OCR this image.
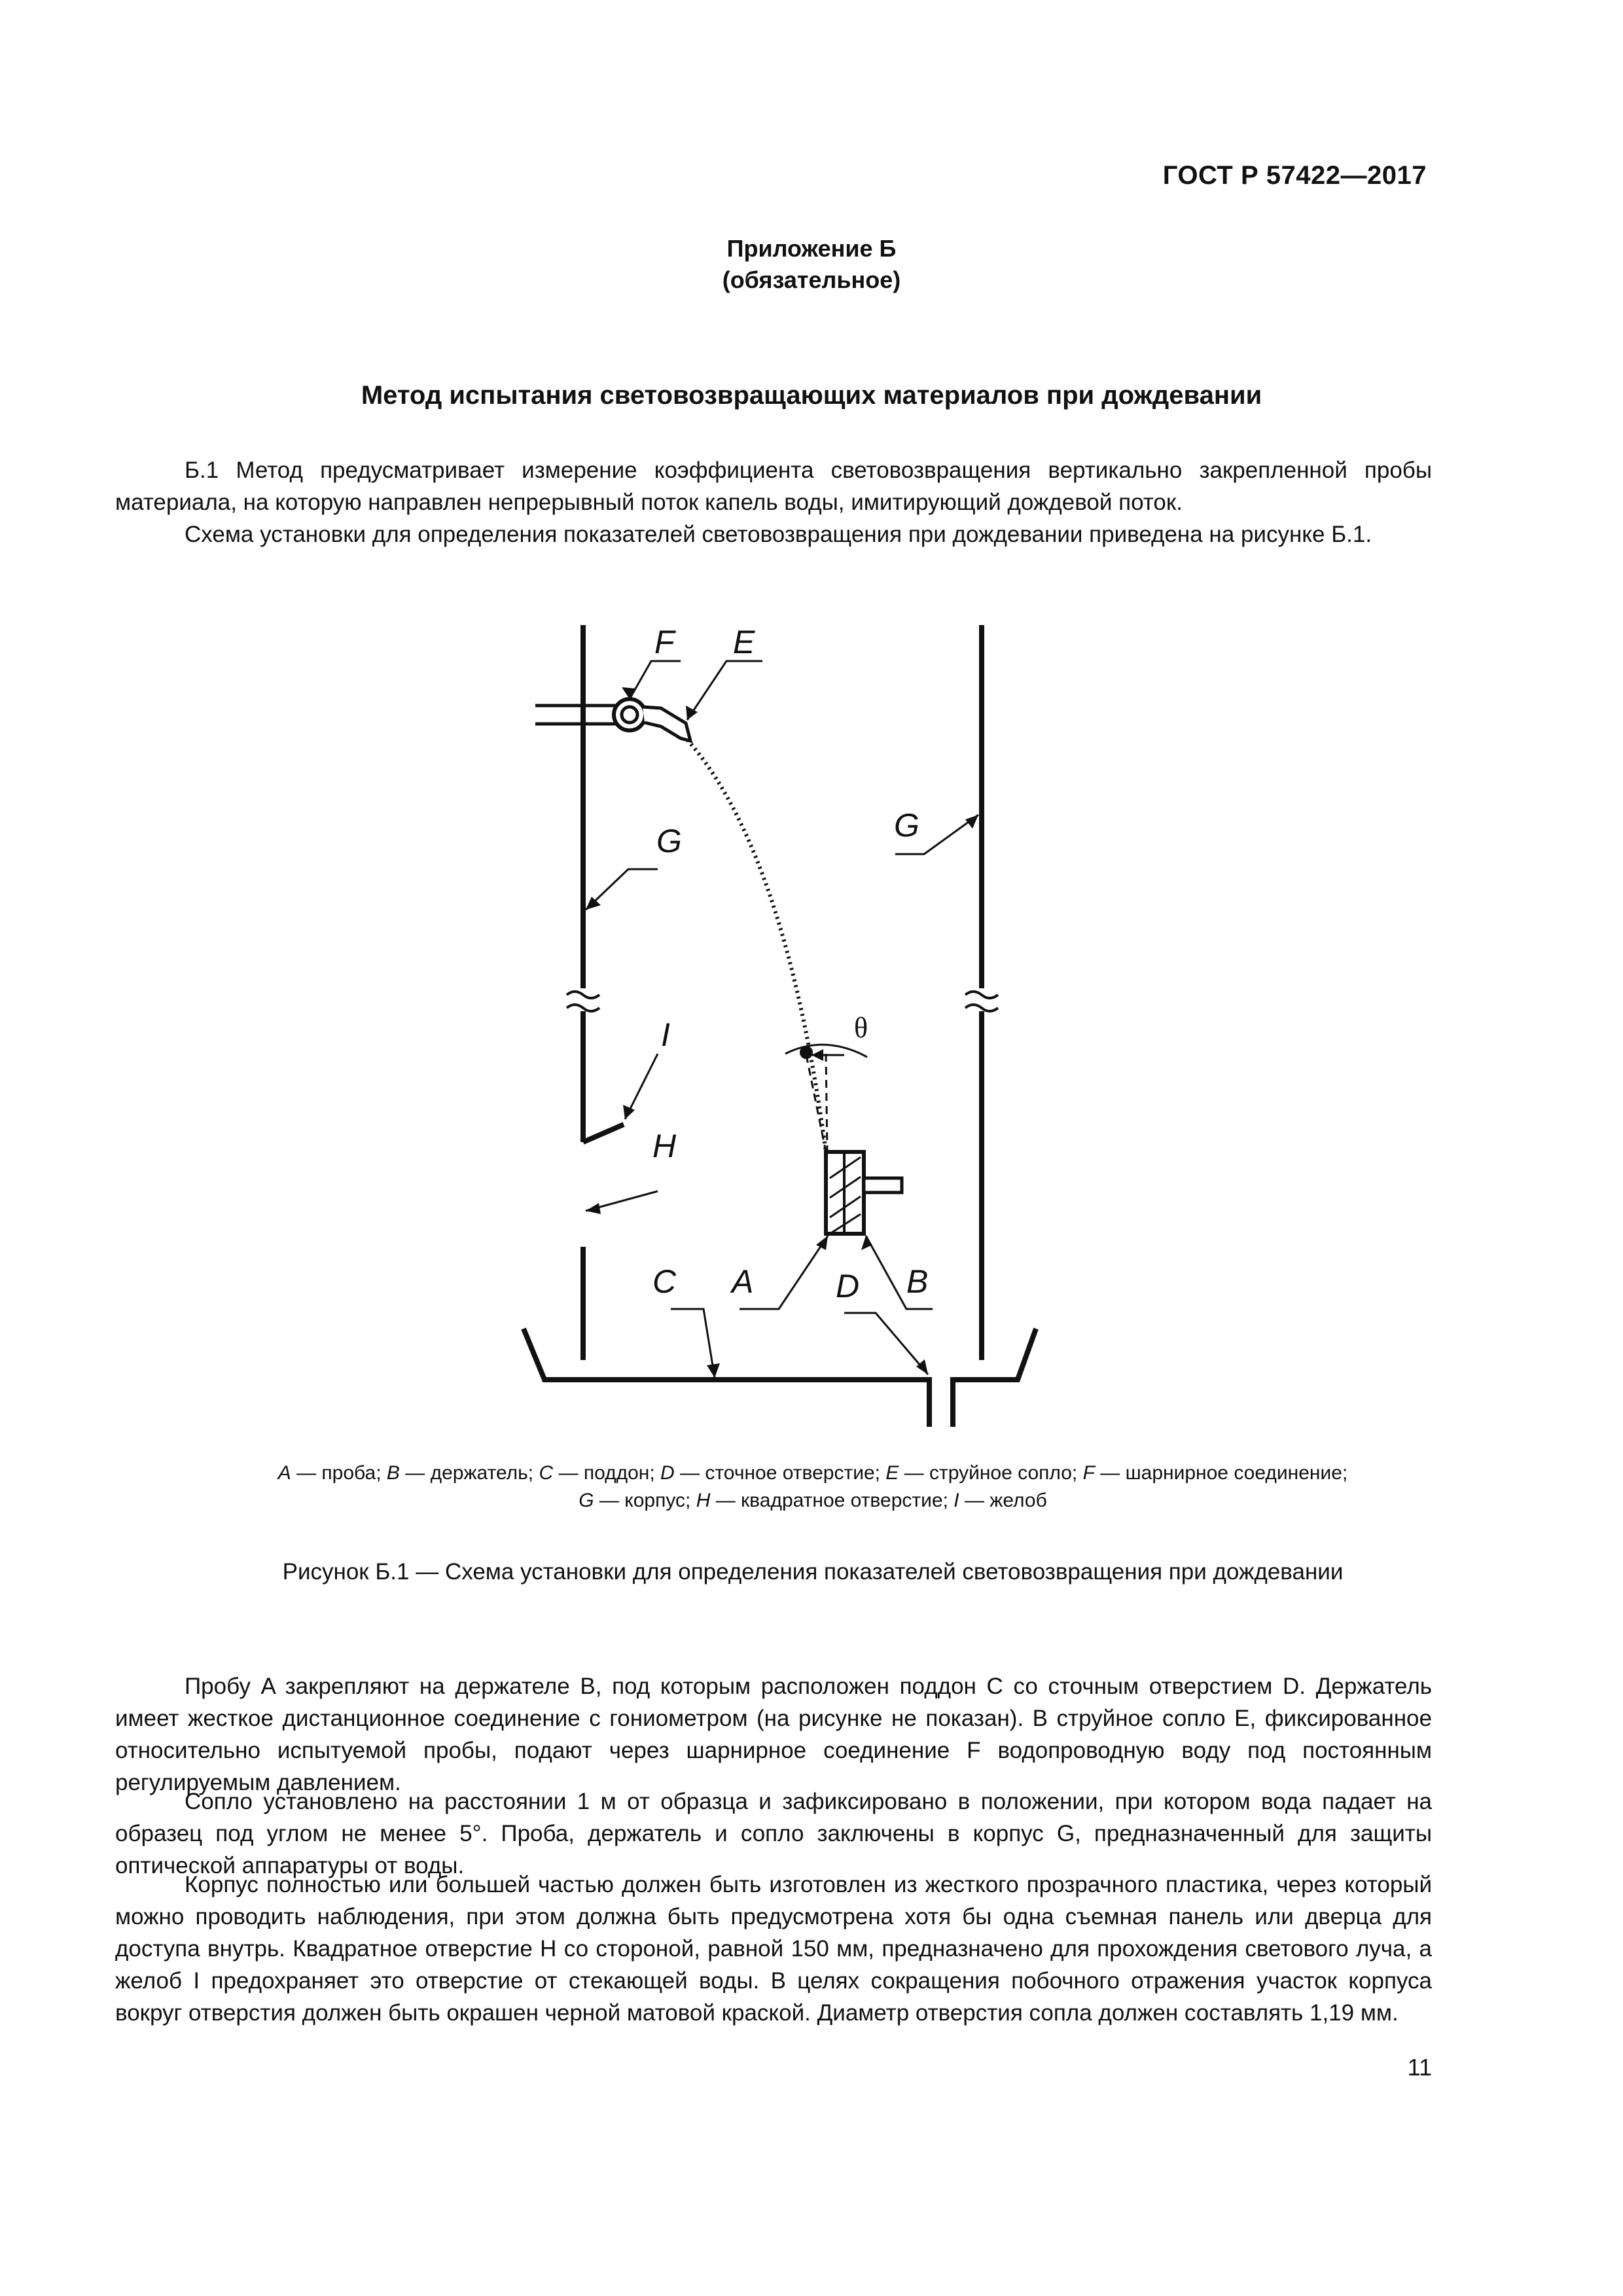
ГОСТ Р 57422—2017
Приложение Б
(обязательное)
Метод испытания световозвращающих материалов при дождевании

Б.1 Метод предусматривает измерение коэффициента световозвращения вертикально закрепленной пробы материала, на которую направлен непрерывный поток капель воды, имитирующий дождевой поток.

Схема установки для определения показателей световозвращения при дождевании приведена на рисунке Б.1.

F E
G	G
I
H
C A	D B
θ
A — проба; B — держатель; C — поддон; D — сточное отверстие; E — струйное сопло; F — шарнирное соединение;
G — корпус; H — квадратное отверстие; I — желоб
Рисунок Б.1 — Схема установки для определения показателей световозвращения при дождевании

Пробу A закрепляют на держателе B, под которым расположен поддон C со сточным отверстием D. Держатель имеет жесткое дистанционное соединение с гониометром (на рисунке не показан). В струйное сопло E, фиксированное относительно испытуемой пробы, подают через шарнирное соединение F водопроводную воду под постоянным регулируемым давлением.

Сопло установлено на расстоянии 1 м от образца и зафиксировано в положении, при котором вода падает на образец под углом не менее 5°. Проба, держатель и сопло заключены в корпус G, предназначенный для защиты оптической аппаратуры от воды.

Корпус полностью или большей частью должен быть изготовлен из жесткого прозрачного пластика, через который можно проводить наблюдения, при этом должна быть предусмотрена хотя бы одна съемная панель или дверца для доступа внутрь. Квадратное отверстие H со стороной, равной 150 мм, предназначено для прохождения светового луча, а желоб I предохраняет это отверстие от стекающей воды. В целях сокращения побочного отражения участок корпуса вокруг отверстия должен быть окрашен черной матовой краской. Диаметр отверстия сопла должен составлять 1,19 мм.

11
